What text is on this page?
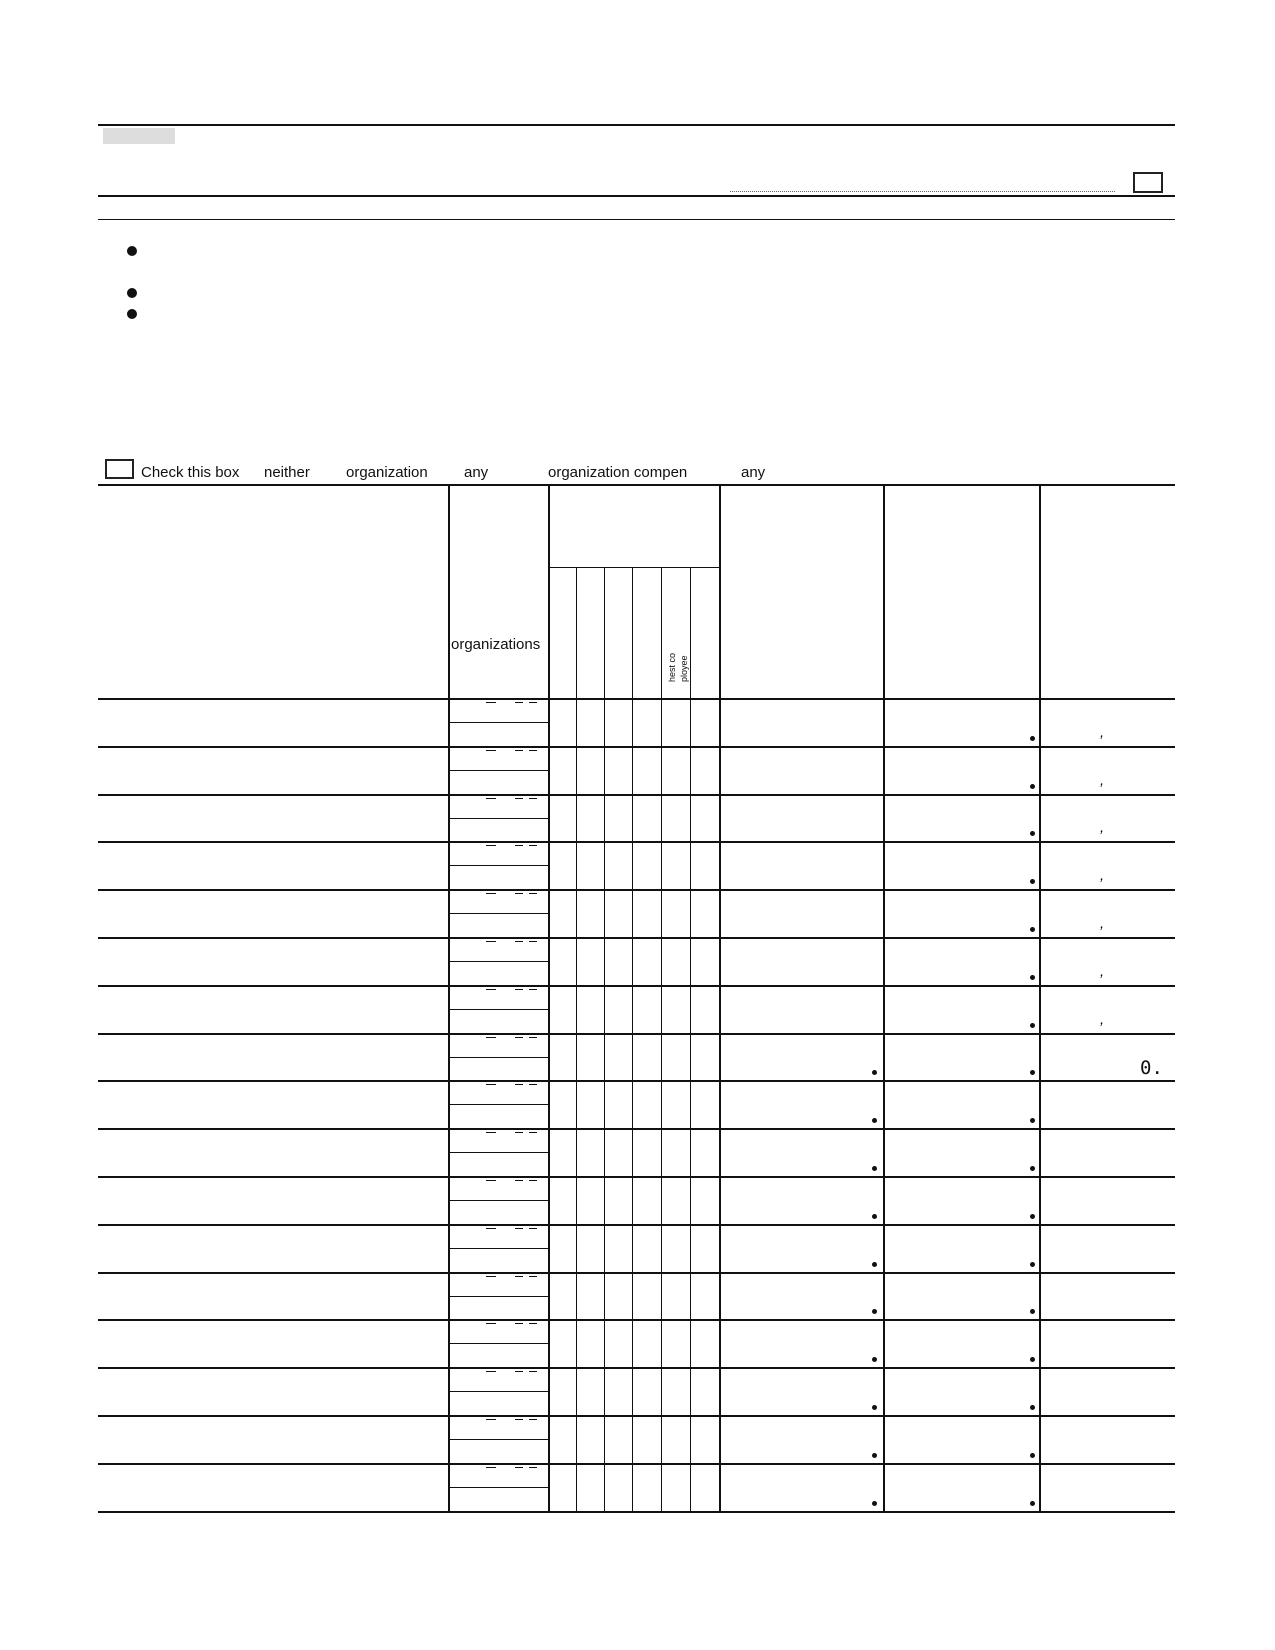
Check this box neither organization any	organization compen	any
organizations
hest co ployee
0.
,
,
,
,
,
,
,
